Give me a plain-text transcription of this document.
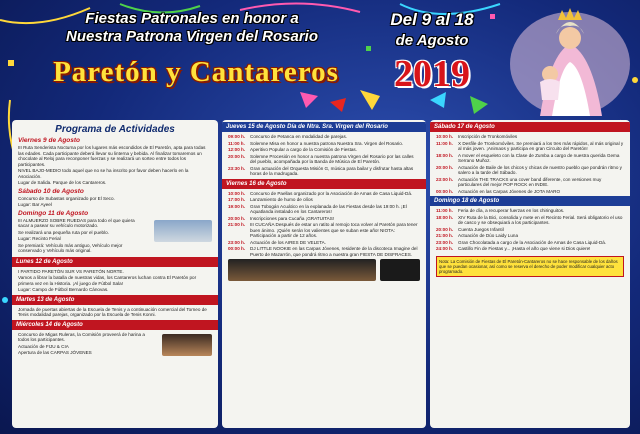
Fiestas Patronales en honor a
Nuestra Patrona Virgen del Rosario
Del 9 al 18
de Agosto
Paretón y Cantareros	2019
Programa de Actividades
Viernes 9 de Agosto
III Ruta Senderista Nocturna por los lugares más escondidos de El Paretón, apta para todas las edades. Cada participante deberá llevar su linterna y bebida. Al finalizar tomaremos un chocolate al Reloj para reconponer fuerzas y se realizará un sorteo entre todos los participantes.
NIVEL BAJO-MEDIO todo aquel que no se ha inscrito por favor deben hacerlo en la Asociación.
Lugar de Salida. Parque de los Cantareros.
Sábado 10 de Agosto
Concurso de Subastas organizado por El Seco.
Lugar: Bar Ayeel
Domingo 11 de Agosto
III ALMUERZO SOBRE RUEDAS para todo el que quiera sacar a pasear su vehículo motorizado.
Se realizará una pequeña ruta por el pueblo.
Lugar: Recinto Ferial
Se premiará: Vehículo más antiguo, Vehículo mejor conservado y Vehículo más original.
Lunes 12 de Agosto
I PARTIDO PARETÓN SUR VS PARETÓN NORTE.
Vamos a librar la batalla de nuestras vidas, los Cantareros luchan contra El Paretón por primera vez en la Historia. ¡Al juego de Fútbol Sala!
Lugar: Campo de Fútbol Bernardo Cánovas.
Martes 13 de Agosto
Jornada de puertas abiertas de la Escuela de Tenis y a continuación comercial del Torneo de Tenis modalidad parejas, organizado por la Escuela de Tenis Konni.
Miércoles 14 de Agosto
Concurso de Migas Ruleras, la Comisión proveerá de harina a todos los participantes.
Actuación de FIJU & CIA
Apertura de las CARPAS JÓVENES
Jueves 15 de Agosto Día de Ntra. Sra. Virgen del Rosario
09:00 h.	Concurso de Petanca en modalidad de parejas.
11:00 h.	Solemne Misa en honor a nuestra patrona Nuestra Sra. Virgen del Rosario.
12:00 h.	Aperitivo Popular a cargo de la Comisión de Fiestas.
20:00 h.	Solemne Procesión en honor a nuestra patrona Virgen del Rosario por las calles del pueblo, acompañada por la Banda de Música de El Paretón.
23:30 h.	Gran actuación del Orquesta Misión G, música para bailar y disfrutar hasta altas horas de la madrugada.
Viernes 16 de Agosto
10:00 h.	Concurso de Paellas organizado por la Asociación de Amas de Casa Liquid-Dá.
17:00 h.	Lanzamiento de humo de olíos
19:00 h.	Gran Tobogán Acuático en la explanada de las Fiestas desde las 19:00 h. ¡El Aquatlanda instalado en los Cantareros!
20:00 h.	Inscripciones para Cucaña ¡GRATUITAS!
21:00 h.	III CUCAÑA Después de estar un ratito al remojo toca volver al Paretón para tener buen ánimo. ¡Quién serán los valientes que se suban este año! NIOTA: Participación a partir de 12 años.
23:00 h.	Actuación de los AIRES DE VELETA.
00:00 h.	DJ LITTLE NOOKIE en las Carpas Jóvenes, residente de la discoteca Imagine del Puerto de Mazarrón, que pondrá ritmo a nuestra gran FIESTA DE DISFRACES.
Sábado 17 de Agosto
10:00 h.	Inscripción de Tronkomóviles
11:00 h.	X Desfile de Tronkomóviles. Se premiará a los tres más rápidos, al más original y al más joven. ¡Animaos y participa en gran Circuito del Paretón!
18:00 h.	A mover el esqueleto con la Clase de Zumba a cargo de nuestra querida Gema Serrano Muñoz.
20:00 h.	Actuación de Baile de los chicos y chicas de nuestro pueblo que pondrán ritmo y salero a la tarde del Sábado.
23:00 h.	Actuación THE TRACKS una cover band diferente, con versiones muy particulares del mejor POP ROCK en INDIE.
00:00 h.	Actuación en las Carpas Jóvenes de JOTA MARO
Domingo 18 de Agosto
11:00 h.	Feria de día, a recuperar fuerzas en los chiringuitos.
18:00 h.	XIV Ruta de la Bici, consolida y mete en el Recinto Ferial. Será obligatorio el uso de casco y se obsequiará a los participantes.
20:00 h.	Cuenta Juegos Infantil
21:00 h.	Actuación de Dúo Laidy Luna
23:00 h.	Gran Chocolatada a cargo de la Asociación de Amas de Casa Liquid-Dá.
24:00 h.	Castillo Fin de Fiestas y... ¡Hasta el año que viene si Dios quiere!
Nota: La Comisión de Fiestas de El Paretón-Cantareros no se hace responsable de los daños que se puedan ocasionar, así como se reserva el derecho de poder modificar cualquier acto programado.
